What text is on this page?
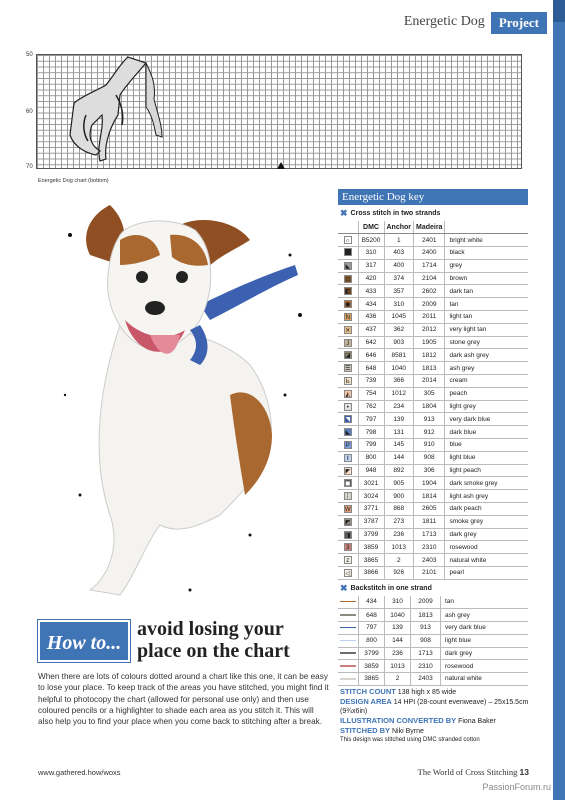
Energetic Dog	Project
50
60
70
Energetic Dog chart (bottom)
Energetic Dog key
✖ Cross stitch in two strands
	DMC	Anchor	Madeira	
∩	B5200	1	2401	bright white
	310	403	2400	black
◣	317	400	1714	grey
⊡	420	374	2104	brown
◧	433	357	2602	dark tan
◼	434	310	2009	tan
N	436	1045	2011	light tan
✕	437	362	2012	very light tan
J	642	903	1905	stone grey
◪	646	8581	1812	dark ash grey
☰	648	1040	1813	ash grey
Ь	739	366	2014	cream
◭	754	1012	305	peach
•	762	234	1804	light grey
◥	797	139	913	very dark blue
◣	798	131	912	dark blue
P	799	145	910	blue
ℓ	800	144	908	light blue
◤	948	892	306	light peach
◼	3021	905	1904	dark smoke grey
⁞	3024	900	1814	light ash grey
W	3771	868	2605	dark peach
◩	3787	273	1811	smoke grey
◨	3799	236	1713	dark grey
3	3859	1013	2310	rosewood
z	3865	2	2403	natural white
◁	3866	926	2101	pearl
✖ Backstitch in one strand
	434	310	2009	tan
	648	1040	1813	ash grey
	797	139	913	very dark blue
	800	144	908	light blue
	3799	236	1713	dark grey
	3859	1013	2310	rosewood
	3865	2	2403	natural white
STITCH COUNT 138 high x 85 wide
DESIGN AREA 14 HPI (28-count evenweave) – 25x15.5cm (9¾x6in)
ILLUSTRATION CONVERTED BY Fiona Baker
STITCHED BY Niki Byrne
This design was stitched using DMC stranded cotton
How to...
avoid losing your place on the chart
When there are lots of colours dotted around a chart like this one, it can be easy to lose your place. To keep track of the areas you have stitched, you might find it helpful to photocopy the chart (allowed for personal use only) and then use coloured pencils or a highlighter to shade each area as you stitch it. This will also help you to find your place when you come back to stitching after a break.
www.gathered.how/woxs	The World of Cross Stitching 13
PassionForum.ru
